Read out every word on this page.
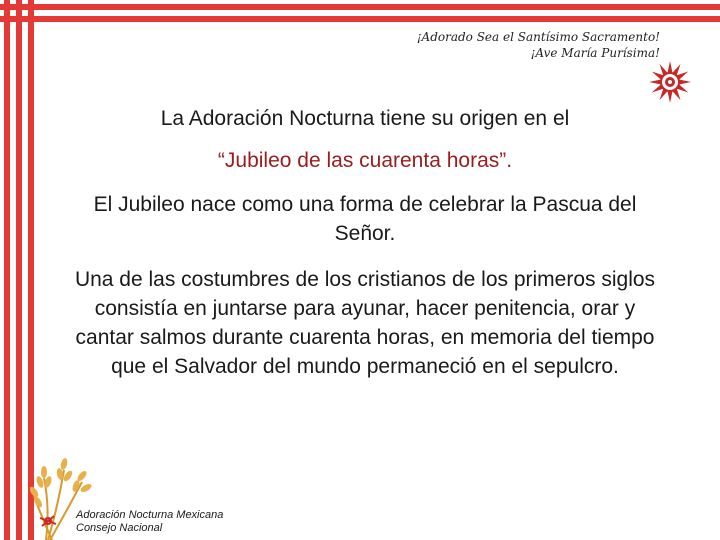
¡Adorado Sea el Santísimo Sacramento!
¡Ave María Purísima!
La Adoración Nocturna tiene su origen en el
“Jubileo de las cuarenta horas”.
El Jubileo nace como una forma de celebrar la Pascua del Señor.
Una de las costumbres de los cristianos de los primeros siglos consistía en juntarse para ayunar, hacer penitencia, orar y cantar salmos durante cuarenta horas, en memoria del tiempo que el Salvador del mundo permaneció en el sepulcro.
Adoración Nocturna Mexicana
Consejo Nacional
